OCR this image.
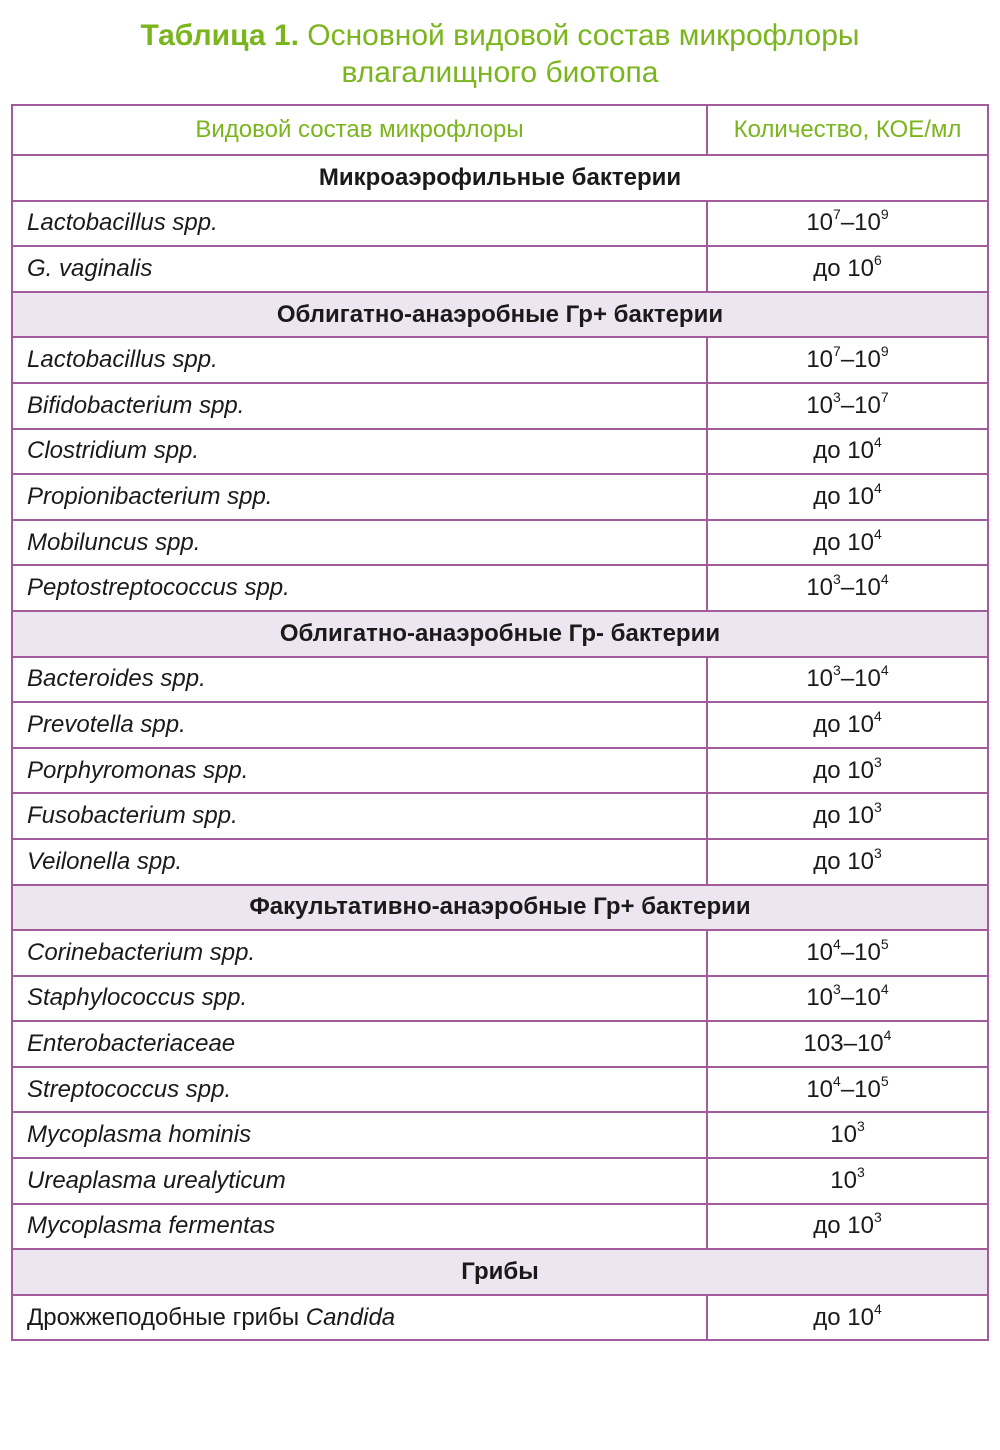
Таблица 1. Основной видовой состав микрофлоры
влагалищного биотопа
Видовой состав микрофлоры	Количество, КОЕ/мл
Микроаэрофильные бактерии	
Lactobacillus spp.	$10^7-10^9$
G. vaginalis	до $10^6$
Облигатно-анаэробные Гр+ бактерии	
Lactobacillus spp.	$10^7-10^9$
Bifidobacterium spp.	$10^3-10^7$
Clostridium spp.	до $10^4$
Propionibacterium spp.	до $10^4$
Mobiluncus spp.	до $10^4$
Peptostreptococcus spp.	$10^3-10^4$
Облигатно-анаэробные Гр- бактерии	
Bacteroides spp.	$10^3-10^4$
Prevotella spp.	до $10^4$
Porphyromonas spp.	до $10^3$
Fusobacterium spp.	до $10^3$
Veilonella spp.	до $10^3$
Факультативно-анаэробные Гр+ бактерии	
Corinebacterium spp.	$10^4-10^5$
Staphylococcus spp.	$10^3-10^4$
Enterobacteriaceae	$103-10^4$
Streptococcus spp.	$10^4-10^5$
Mycoplasma hominis	$10^3$
Ureaplasma urealyticum	$10^3$
Mycoplasma fermentas	до $10^3$
Грибы	
Дрожжеподобные грибы Candida	до $10^4$
